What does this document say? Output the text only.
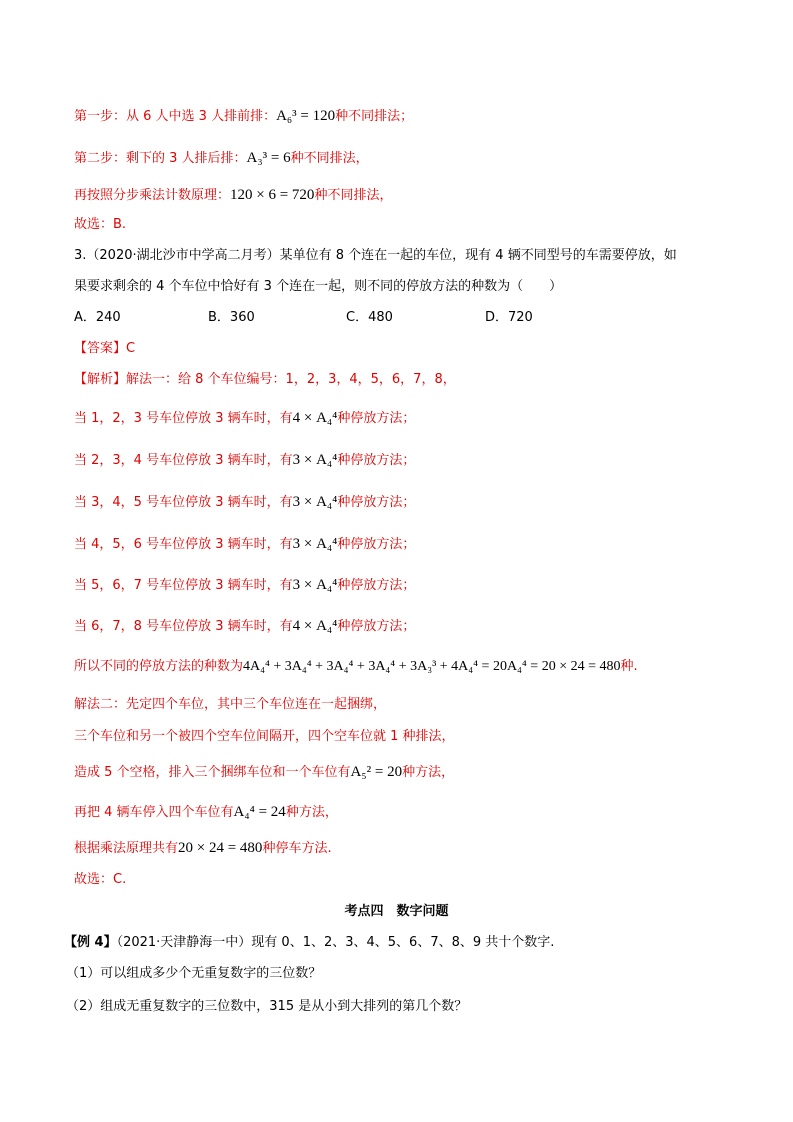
第一步：从 6 人中选 3 人排前排：A₆³ = 120种不同排法；
第二步：剩下的 3 人排后排：A₃³ = 6种不同排法，
再按照分步乘法计数原理：120 × 6 = 720种不同排法，
故选：B.
3.（2020·湖北沙市中学高二月考）某单位有 8 个连在一起的车位，现有 4 辆不同型号的车需要停放，如
果要求剩余的 4 个车位中恰好有 3 个连在一起，则不同的停放方法的种数为（　　）
A．240	B．360	C．480	D．720
【答案】C
【解析】解法一：给 8 个车位编号：1，2，3，4，5，6，7，8，
当 1，2，3 号车位停放 3 辆车时，有4 × A₄⁴种停放方法；
当 2，3，4 号车位停放 3 辆车时，有3 × A₄⁴种停放方法；
当 3，4，5 号车位停放 3 辆车时，有3 × A₄⁴种停放方法；
当 4，5，6 号车位停放 3 辆车时，有3 × A₄⁴种停放方法；
当 5，6，7 号车位停放 3 辆车时，有3 × A₄⁴种停放方法；
当 6，7，8 号车位停放 3 辆车时，有4 × A₄⁴种停放方法；
所以不同的停放方法的种数为4A₄⁴ + 3A₄⁴ + 3A₄⁴ + 3A₄⁴ + 3A₃³ + 4A₄⁴ = 20A₄⁴ = 20 × 24 = 480种.
解法二：先定四个车位，其中三个车位连在一起捆绑，
三个车位和另一个被四个空车位间隔开，四个空车位就 1 种排法，
造成 5 个空格，排入三个捆绑车位和一个车位有A₅² = 20种方法，
再把 4 辆车停入四个车位有A₄⁴ = 24种方法，
根据乘法原理共有20 × 24 = 480种停车方法.
故选：C.
考点四　数字问题
【例 4】（2021·天津静海一中）现有 0、1、2、3、4、5、6、7、8、9 共十个数字.
（1）可以组成多少个无重复数字的三位数？
（2）组成无重复数字的三位数中，315 是从小到大排列的第几个数？
